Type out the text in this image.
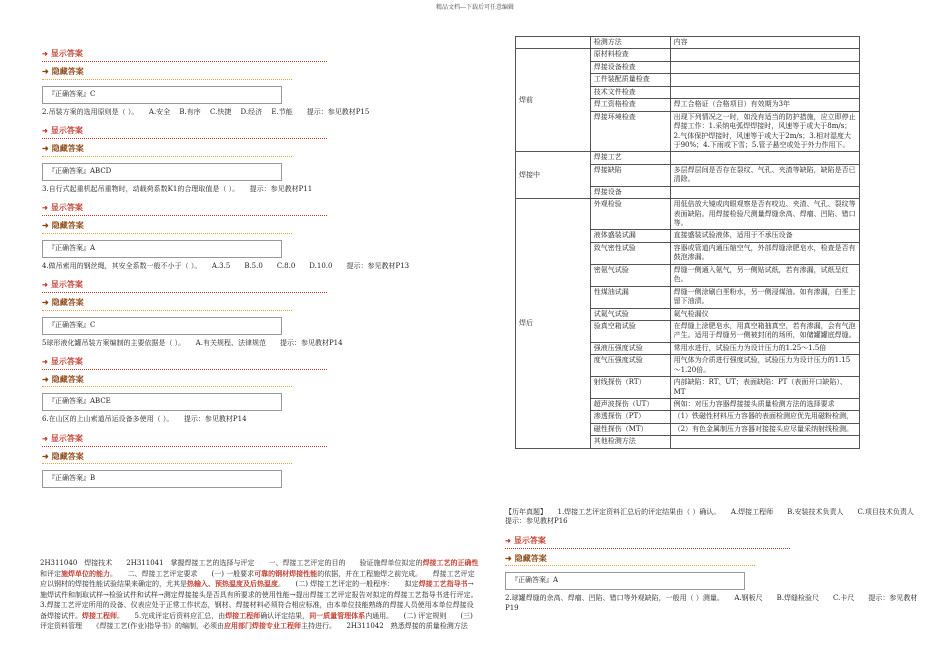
精品文档---下载后可任意编辑
➜ 显示答案
➜ 隐藏答案
『正确答案』C
2.吊装方案的选用原则是（ ）。　　A.安全　 B.有序　 C.快捷　 D.经济　 E.节能　　提示：参见教材P15
➜ 显示答案
➜ 隐藏答案
『正确答案』ABCD
3.自行式起重机起吊重物时，动载荷系数K1的合理取值是（ ）。　　提示：参见教材P11
➜ 显示答案
➜ 隐藏答案
『正确答案』A
4.做吊索用的钢丝绳，其安全系数一般不小于（ ）。　　A.3.5　　B.5.0　　C.8.0　　D.10.0　　提示：参见教材P13
➜ 显示答案
➜ 隐藏答案
『正确答案』C
5球形液化罐吊装方案编制的主要依据是（ ）。　　A.有关规程、法律规范　　提示：参见教材P14
➜ 显示答案
➜ 隐藏答案
『正确答案』ABCE
6.在山区的上山索道吊运设备多使用（ ）。　　提示：参见教材P14
➜ 显示答案
➜ 隐藏答案
『正确答案』B
2H311040　焊接技术　　2H311041　掌握焊接工艺的选择与评定　　一、焊接工艺评定的目的　　验证施焊单位拟定的焊接工艺的正确性和评定施焊单位的能力。　　二、焊接工艺评定要求　　(一) 一般要求可靠的钢材焊接性能的依据，并在工程施焊之前完成。　　焊接工艺评定应以钢材的焊接性能试验结果来确定的，尤其是热输入、预热温度及后热温度。　　(二) 焊接工艺评定的一般程序：　　拟定焊接工艺指导书→施焊试件和制取试样→检验试件和试样→测定焊接接头是否具有所要求的使用性能→提出焊接工艺评定报告对拟定的焊接工艺指导书进行评定。　　3.焊接工艺评定所用的设备、仪表应处于正常工作状态，钢材、焊接材料必须符合相应标准，由本单位技能熟练的焊接人员使用本单位焊接设备焊接试件。焊接工程师。　　5.完成评定后资料应汇总，由焊接工程师确认评定结果，同一质量管理体系内通用。　　(二) 评定规则　　(三) 评定资料管理　　《焊接工艺(作业)指导书》的编制，必须由应用部门焊接专业工程师主持进行。　　2H311042　熟悉焊接的质量检测方法
	检测方法	内容
焊前	原材料检查	
	焊接设备检查	
	工件装配质量检查	
	技术文件检查	
	焊工资格检查	焊工合格证（合格项目）有效期为3年
	焊接环境检查	出现下列情况之一时，如没有适当的防护措施，应立即停止焊接工作：1.采纳电弧焊焊接时，风速等于或大于8m/s；2.气体保护焊接时，风速等于或大于2m/s；3.相对湿度大于90%；4.下雨或下雪；5.管子悬空或处于外力作用下。
焊接中	焊接工艺	
	焊接缺陷	多层焊层间是否存在裂纹、气孔、夹渣等缺陷，缺陷是否已清除。
	焊接设备	
焊后	外观检验	用低倍放大镜或肉眼观察是否有咬边、夹渣、气孔、裂纹等表面缺陷。用焊接检验尺测量焊缝余高、焊瘤、凹陷、错口等。
	液体盛装试漏	直接盛装试验液体，适用于不承压设备
	致气密性试验	容器或管道内通压缩空气，外部焊缝涂肥皂水，检查是否有鼓泡渗漏。
	密氨气试验	焊缝一侧通入氨气，另一侧贴试纸，若有渗漏，试纸呈红色。
	性煤油试漏	焊缝一侧涂刷白垩粉水，另一侧浸煤油。如有渗漏，白垩上留下油渍。
	试氦气试验	氦气检漏仪
	验真空箱试验	在焊缝上涂肥皂水，用真空箱抽真空，若有渗漏，会有气泡产生。适用于焊缝另一侧被封闭的场所，如储罐罐底焊缝。
	强液压强度试验	常用水进行，试验压力为设计压力的1.25～1.5倍
	度气压强度试验	用气体为介质进行强度试验，试验压力为设计压力的1.15～1.20倍。
	射线探伤（RT）	内部缺陷：RT、UT；表面缺陷：PT（表面开口缺陷）、MT
	超声波探伤（UT）	例如：对压力容器焊接接头质量检测方法的选择要求
	渗透探伤（PT）	（1）铁磁性材料压力容器的表面检测应优先用磁粉检测，
	磁性探伤（MT）	（2）有色金属制压力容器对接接头应尽量采纳射线检测。
	其他检测方法	
【历年真题】　　1.焊接工艺评定资料汇总后的评定结果由（ ）确认。　　A.焊接工程师　　B.安装技术负责人　　C.项目技术负责人　　提示：参见教材P16
➜ 显示答案
➜ 隐藏答案
『正确答案』A
2.球罐焊缝的余高、焊瘤、凹陷、错口等外观缺陷，一般用（ ）测量。　　A.钢板尺　　B.焊缝检验尺　　C.卡尺　　提示：参见教材P19
